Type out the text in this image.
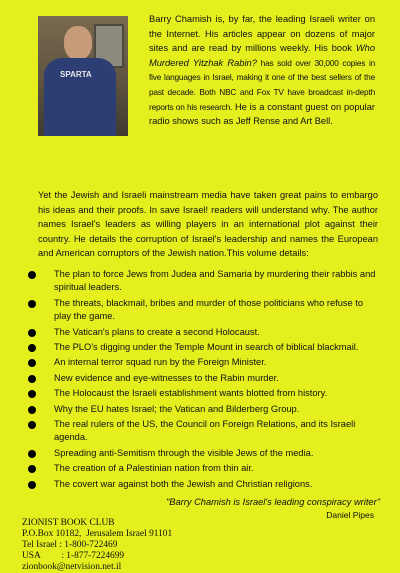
SPARTA

Barry Chamish is, by far, the leading Israeli writer on the Internet. His articles appear on dozens of major sites and are read by millions weekly. His book Who Murdered Yitzhak Rabin? has sold over 30,000 copies in five languages in Israel, making it one of the best sellers of the past decade. Both NBC and Fox TV have broadcast in-depth reports on his research. He is a constant guest on popular radio shows such as Jeff Rense and Art Bell.

Yet the Jewish and Israeli mainstream media have taken great pains to embargo his ideas and their proofs. In save Israel! readers will understand why. The author names Israel's leaders as willing players in an international plot against their country. He details the corruption of Israel's leadership and names the European and American corruptors of the Jewish nation.This volume details:

The plan to force Jews from Judea and Samaria by murdering their rabbis and spiritual leaders.
The threats, blackmail, bribes and murder of those politicians who refuse to play the game.
The Vatican's plans to create a second Holocaust.
The PLO's digging under the Temple Mount in search of biblical blackmail.
An internal terror squad run by the Foreign Minister.
New evidence and eye-witnesses to the Rabin murder.
The Holocaust the Israeli establishment wants blotted from history.
Why the EU hates Israel; the Vatican and Bilderberg Group.
The real rulers of the US, the Council on Foreign Relations, and its Israeli agenda.
Spreading anti-Semitism through the visible Jews of the media.
The creation of a Palestinian nation from thin air.
The covert war against both the Jewish and Christian religions.
"Barry Chamish is Israel's leading conspiracy writer"
Daniel Pipes
ZIONIST BOOK CLUB
P.O.Box 10182,  Jerusalem Israel 91101
Tel Israel : 1-800-722469
USA         : 1-877-7224699
zionbook@netvision.net.il
